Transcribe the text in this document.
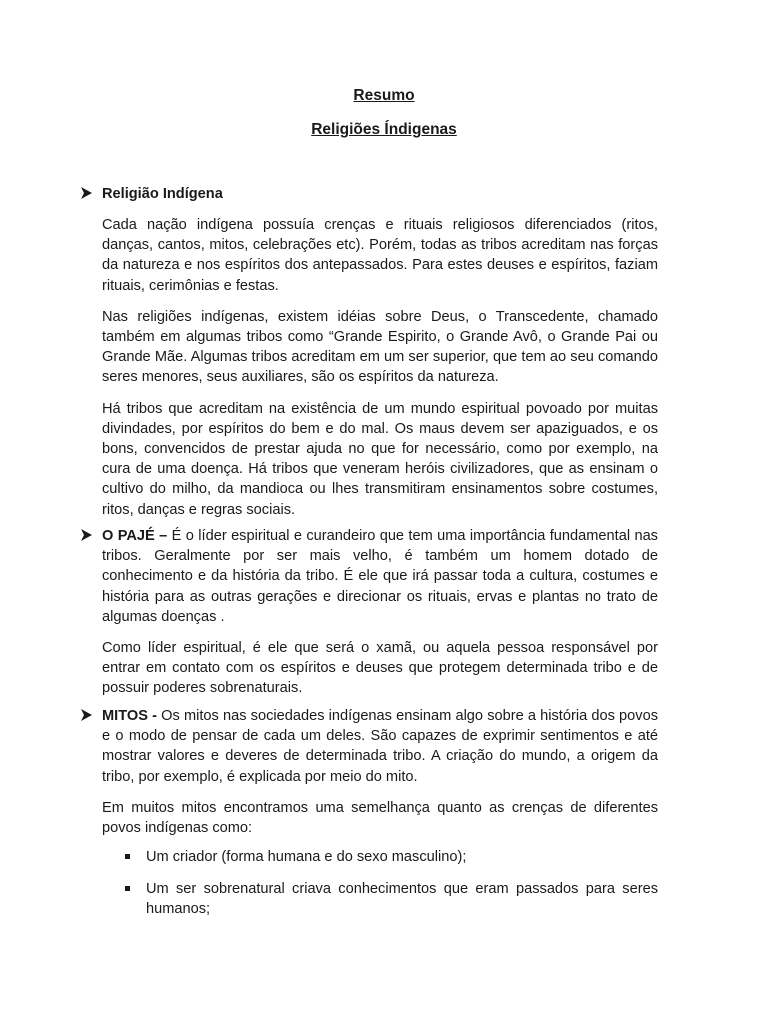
Resumo
Religiões Índigenas
Religião Indígena

Cada nação indígena possuía crenças e rituais religiosos diferenciados (ritos, danças, cantos, mitos, celebrações etc). Porém, todas as tribos acreditam nas forças da natureza e nos espíritos dos antepassados. Para estes deuses e espíritos, faziam rituais, cerimônias e festas.

Nas religiões indígenas, existem idéias sobre Deus, o Transcedente, chamado também em algumas tribos como “Grande Espirito, o Grande Avô, o Grande Pai ou Grande Mãe. Algumas tribos acreditam em um ser superior, que tem ao seu comando seres menores, seus auxiliares, são os espíritos da natureza.

Há tribos que acreditam na existência de um mundo espiritual povoado por muitas divindades, por espíritos do bem e do mal. Os maus devem ser apaziguados, e os bons, convencidos de prestar ajuda no que for necessário, como por exemplo, na cura de uma doença. Há tribos que veneram heróis civilizadores, que as ensinam o cultivo do milho, da mandioca ou lhes transmitiram ensinamentos sobre costumes, ritos, danças e regras sociais.

O PAJÉ – É o líder espiritual e curandeiro que tem uma importância fundamental nas tribos. Geralmente por ser mais velho, é também um homem dotado de conhecimento e da história da tribo. É ele que irá passar toda a cultura, costumes e história para as outras gerações e direcionar os rituais, ervas e plantas no trato de algumas doenças .

Como líder espiritual, é ele que será o xamã, ou aquela pessoa responsável por entrar em contato com os espíritos e deuses que protegem determinada tribo e de possuir poderes sobrenaturais.

MITOS - Os mitos nas sociedades indígenas ensinam algo sobre a história dos povos e o modo de pensar de cada um deles. São capazes de exprimir sentimentos e até mostrar valores e deveres de determinada tribo. A criação do mundo, a origem da tribo, por exemplo, é explicada por meio do mito.

Em muitos mitos encontramos uma semelhança quanto as crenças de diferentes povos indígenas como:

Um criador (forma humana e do sexo masculino);
Um ser sobrenatural criava conhecimentos que eram passados para seres humanos;
